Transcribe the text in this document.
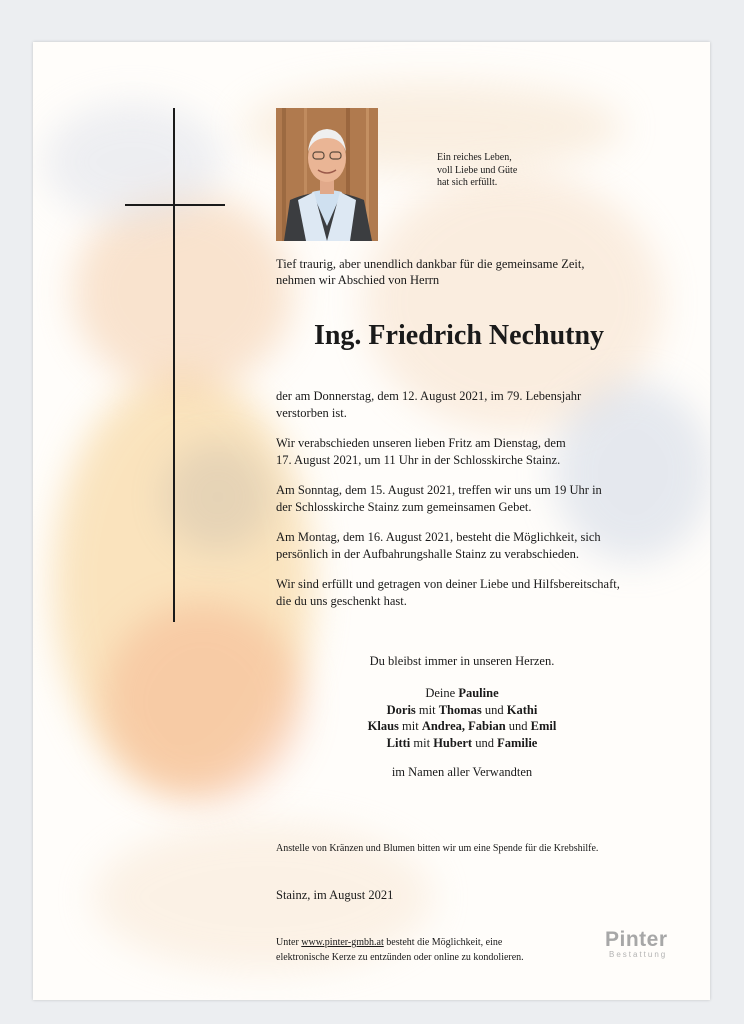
Ein reiches Leben,
voll Liebe und Güte
hat sich erfüllt.
Tief traurig, aber unendlich dankbar für die gemeinsame Zeit,
nehmen wir Abschied von Herrn
Ing. Friedrich Nechutny
der am Donnerstag, dem 12. August 2021, im 79. Lebensjahr
verstorben ist.
Wir verabschieden unseren lieben Fritz am Dienstag, dem
17. August 2021, um 11 Uhr in der Schlosskirche Stainz.
Am Sonntag, dem 15. August 2021, treffen wir uns um 19 Uhr in
der Schlosskirche Stainz zum gemeinsamen Gebet.
Am Montag, dem 16. August 2021, besteht die Möglichkeit, sich
persönlich in der Aufbahrungshalle Stainz zu verabschieden.
Wir sind erfüllt und getragen von deiner Liebe und Hilfsbereitschaft,
die du uns geschenkt hast.
Du bleibst immer in unseren Herzen.
Deine Pauline
Doris mit Thomas und Kathi
Klaus mit Andrea, Fabian und Emil
Litti mit Hubert und Familie
im Namen aller Verwandten
Anstelle von Kränzen und Blumen bitten wir um eine Spende für die Krebshilfe.
Stainz, im August 2021
Unter www.pinter-gmbh.at besteht die Möglichkeit, eine
elektronische Kerze zu entzünden oder online zu kondolieren.
Pinter
Bestattung
